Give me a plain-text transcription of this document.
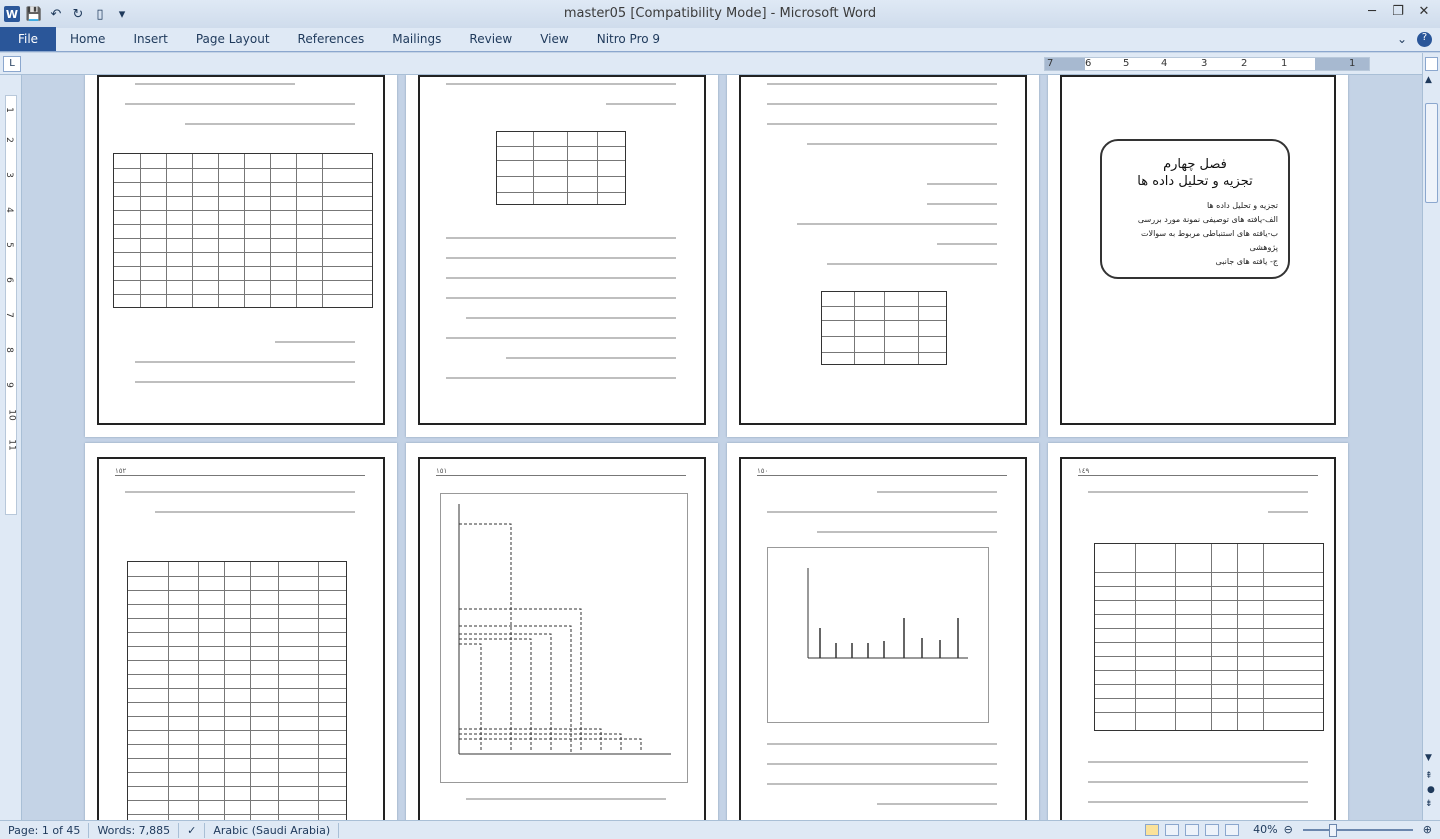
W 💾 ↶ ↻ ▯	▾	master05 [Compatibility Mode] - Microsoft Word	─	❐ ✕
File	Home	Insert	Page Layout	References	Mailings	Review	View	Nitro Pro 9	⌄	?
L	7	6	5	4	3	2	1	1
1
2
3
4
5
6
7
8
9
10
11
▲
▼
⇞
●
⇟
فصل چهارم
تجزیه و تحلیل داده ها
تجزیه و تحلیل داده ها
الف-یافته های توصیفی نمونة مورد بررسی
ب-یافته های استنباطی مربوط به سوالات پژوهشی
ج- یافته های جانبی
١٥٢	١٥١	١٥٠	١٤٩
Page: 1 of 45	Words: 7,885	✓	Arabic (Saudi Arabia)	40% ⊖	⊕
